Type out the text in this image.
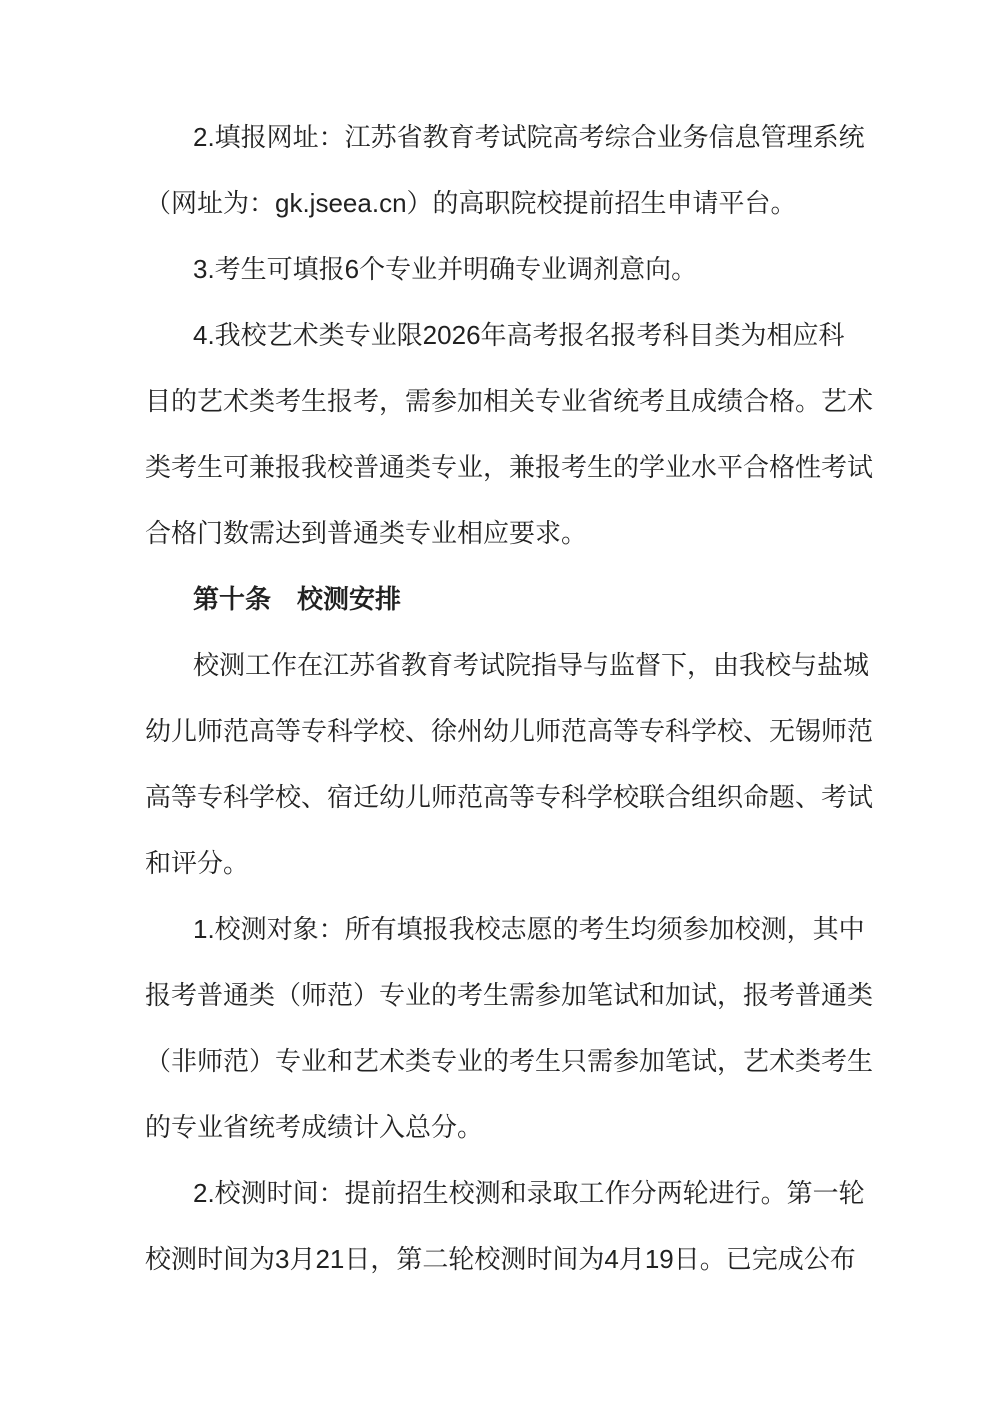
2.填报网址：江苏省教育考试院高考综合业务信息管理系统
（网址为：gk.jseea.cn）的高职院校提前招生申请平台。
3.考生可填报6个专业并明确专业调剂意向。
4.我校艺术类专业限2026年高考报名报考科目类为相应科
目的艺术类考生报考，需参加相关专业省统考且成绩合格。艺术
类考生可兼报我校普通类专业，兼报考生的学业水平合格性考试
合格门数需达到普通类专业相应要求。
第十条　校测安排
校测工作在江苏省教育考试院指导与监督下，由我校与盐城
幼儿师范高等专科学校、徐州幼儿师范高等专科学校、无锡师范
高等专科学校、宿迁幼儿师范高等专科学校联合组织命题、考试
和评分。
1.校测对象：所有填报我校志愿的考生均须参加校测，其中
报考普通类（师范）专业的考生需参加笔试和加试，报考普通类
（非师范）专业和艺术类专业的考生只需参加笔试，艺术类考生
的专业省统考成绩计入总分。
2.校测时间：提前招生校测和录取工作分两轮进行。第一轮
校测时间为3月21日，第二轮校测时间为4月19日。已完成公布
